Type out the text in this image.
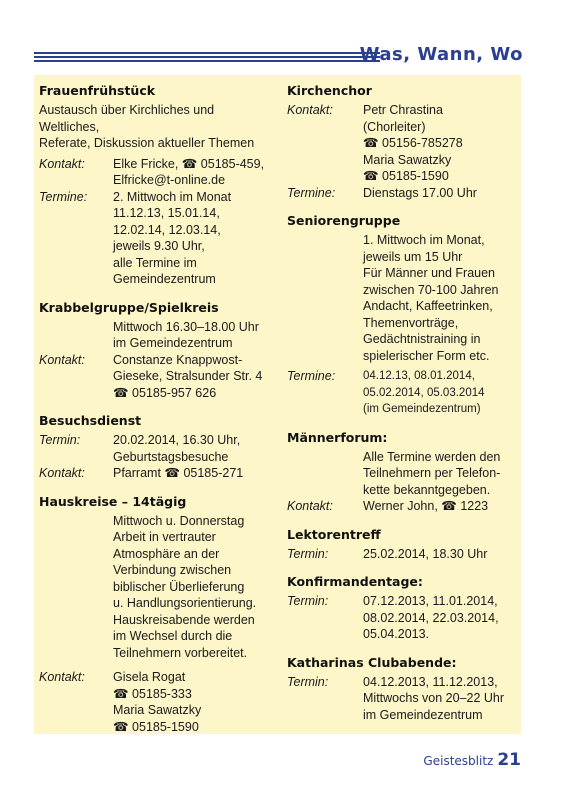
Was, Wann, Wo
Frauenfrühstück
Austausch über Kirchliches und Weltliches,
Referate, Diskussion aktueller Themen
Kontakt:	Elke Fricke, ☎ 05185-459,
Elfricke@t-online.de
Termine:	2. Mittwoch im Monat
11.12.13, 15.01.14,
12.02.14, 12.03.14,
jeweils 9.30 Uhr,
alle Termine im
Gemeindezentrum
Krabbelgruppe/Spielkreis
Mittwoch 16.30–18.00 Uhr
im Gemeindezentrum
Kontakt:	Constanze Knappwost-
Gieseke, Stralsunder Str. 4
☎ 05185-957 626
Besuchsdienst
Termin:	20.02.2014, 16.30 Uhr,
Geburtstagsbesuche
Kontakt:	Pfarramt ☎ 05185-271
Hauskreise – 14tägig
Mittwoch u. Donnerstag
Arbeit in vertrauter
Atmosphäre an der
Verbindung zwischen
biblischer Überlieferung
u. Handlungsorientierung.
Hauskreisabende werden
im Wechsel durch die
Teilnehmern vorbereitet.
Kontakt:	Gisela Rogat
☎ 05185-333
Maria Sawatzky
☎ 05185-1590
Kirchenchor
Kontakt:	Petr Chrastina
(Chorleiter)
☎ 05156-785278
Maria Sawatzky
☎ 05185-1590
Termine:	Dienstags 17.00 Uhr
Seniorengruppe
1. Mittwoch im Monat,
jeweils um 15 Uhr
Für Männer und Frauen
zwischen 70-100 Jahren
Andacht, Kaffeetrinken,
Themenvorträge,
Gedächtnistraining in
spielerischer Form etc.
Termine:	04.12.13, 08.01.2014,
05.02.2014, 05.03.2014
(im Gemeindezentrum)
Männerforum:
Alle Termine werden den
Teilnehmern per Telefon-
kette bekanntgegeben.
Kontakt:	Werner John, ☎ 1223
Lektorentreff
Termin:	25.02.2014, 18.30 Uhr
Konfirmandentage:
Termin:	07.12.2013, 11.01.2014,
08.02.2014, 22.03.2014,
05.04.2013.
Katharinas Clubabende:
Termin:	04.12.2013, 11.12.2013,
Mittwochs von 20–22 Uhr
im Gemeindezentrum
Geistesblitz 21
